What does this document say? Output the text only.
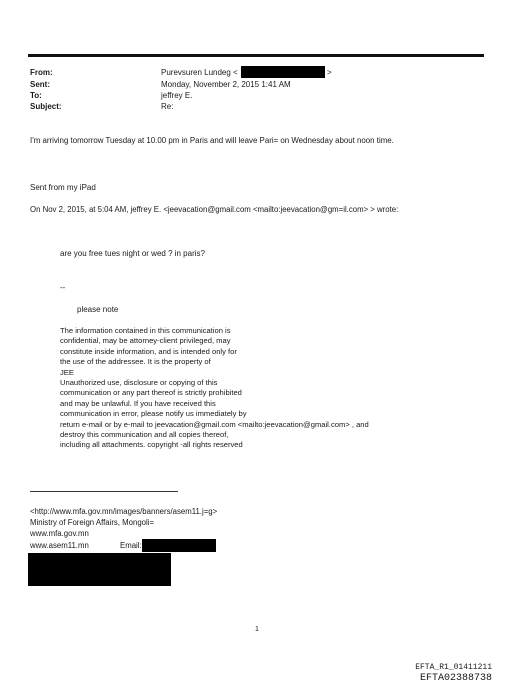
From:	Purevsuren Lundeg <	>
Sent:	Monday, November 2, 2015 1:41 AM
To:	jeffrey E.
Subject:	Re:
I'm arriving tomorrow Tuesday at 10.00 pm in Paris and will leave Pari= on Wednesday about noon time.
Sent from my iPad
On Nov 2, 2015, at 5:04 AM, jeffrey E. <jeevacation@gmail.com <mailto:jeevacation@gm=il.com> > wrote:
are you free tues night or wed ? in paris?
--
please note
The information contained in this communication is
confidential, may be attorney-client privileged, may
constitute inside information, and is intended only for
the use of the addressee. It is the property of
JEE
Unauthorized use, disclosure or copying of this
communication or any part thereof is strictly prohibited
and may be unlawful. If you have received this
communication in error, please notify us immediately by
return e-mail or by e-mail to jeevacation@gmail.com <mailto:jeevacation@gmail.com> , and
destroy this communication and all copies thereof,
including all attachments. copyright -all rights reserved
<http://www.mfa.gov.mn/images/banners/asem11.j=g>
Ministry of Foreign Affairs, Mongoli=
www.mfa.gov.mn
www.asem11.mn	Email:
1
EFTA_R1_01411211
EFTA02388738
